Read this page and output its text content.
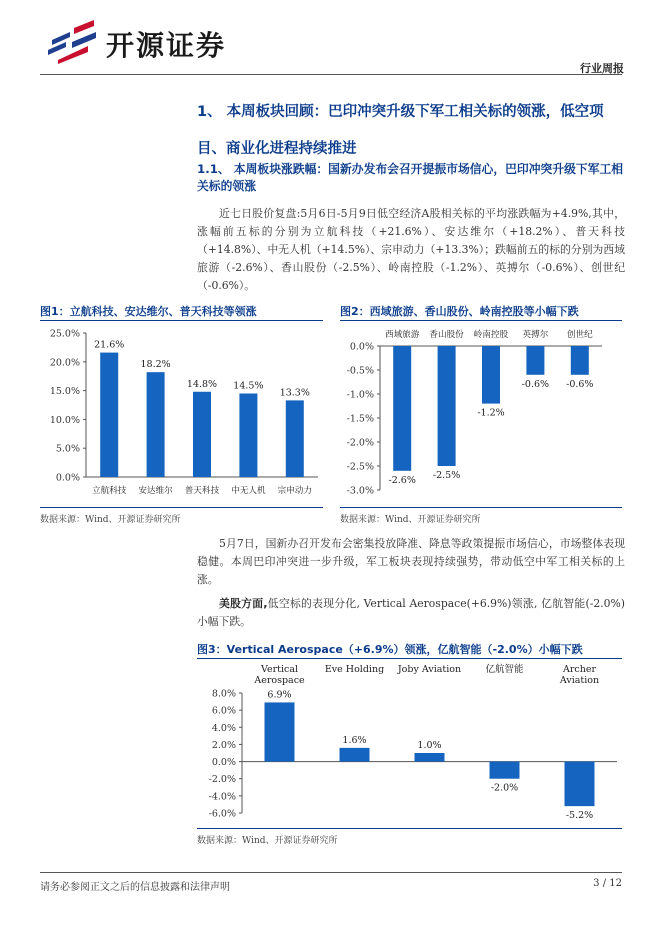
开源证券
行业周报
1、 本周板块回顾：巴印冲突升级下军工相关标的领涨，低空项目、商业化进程持续推进
1.1、 本周板块涨跌幅：国新办发布会召开提振市场信心，巴印冲突升级下军工相关标的领涨
近七日股价复盘:5月6日-5月9日低空经济A股相关标的平均涨跌幅为+4.9%,其中，涨幅前五标的分别为立航科技（+21.6%）、安达维尔（+18.2%）、普天科技（+14.8%）、中无人机（+14.5%）、宗申动力（+13.3%）；跌幅前五的标的分别为西域旅游（-2.6%）、香山股份（-2.5%）、岭南控股（-1.2%）、英搏尔（-0.6%）、创世纪（-0.6%）。
图1：立航科技、安达维尔、普天科技等领涨
0.0%
5.0%
10.0%
15.0%
20.0%
25.0%
21.6%
18.2%
14.8% 14.5%
13.3%
立航科技 安达维尔 普天科技 中无人机 宗申动力
数据来源：Wind、开源证券研究所
图2：西域旅游、香山股份、岭南控股等小幅下跌
-3.0%
-2.5%
-2.0%
-1.5%
-1.0%
-0.5%
0.0%
-2.6% -2.5%
-1.2%
-0.6% -0.6%
西域旅游 香山股份 岭南控股 英搏尔 创世纪
数据来源：Wind、开源证券研究所
5月7日，国新办召开发布会密集投放降准、降息等政策提振市场信心，市场整体表现稳健。本周巴印冲突进一步升级，军工板块表现持续强势，带动低空中军工相关标的上涨。
美股方面,低空标的表现分化, Vertical Aerospace(+6.9%)领涨, 亿航智能(-2.0%)小幅下跌。
图3：Vertical Aerospace（+6.9%）领涨，亿航智能（-2.0%）小幅下跌
-6.0%
-4.0%
-2.0%
0.0%
2.0%
4.0%
6.0%
8.0%	6.9%
1.6%	1.0%
-2.0%
-5.2%
Vertical
Aerospace
Eve Holding Joby Aviation	亿航智能	Archer
Aviation
数据来源：Wind、开源证券研究所
请务必参阅正文之后的信息披露和法律声明	3 / 12
